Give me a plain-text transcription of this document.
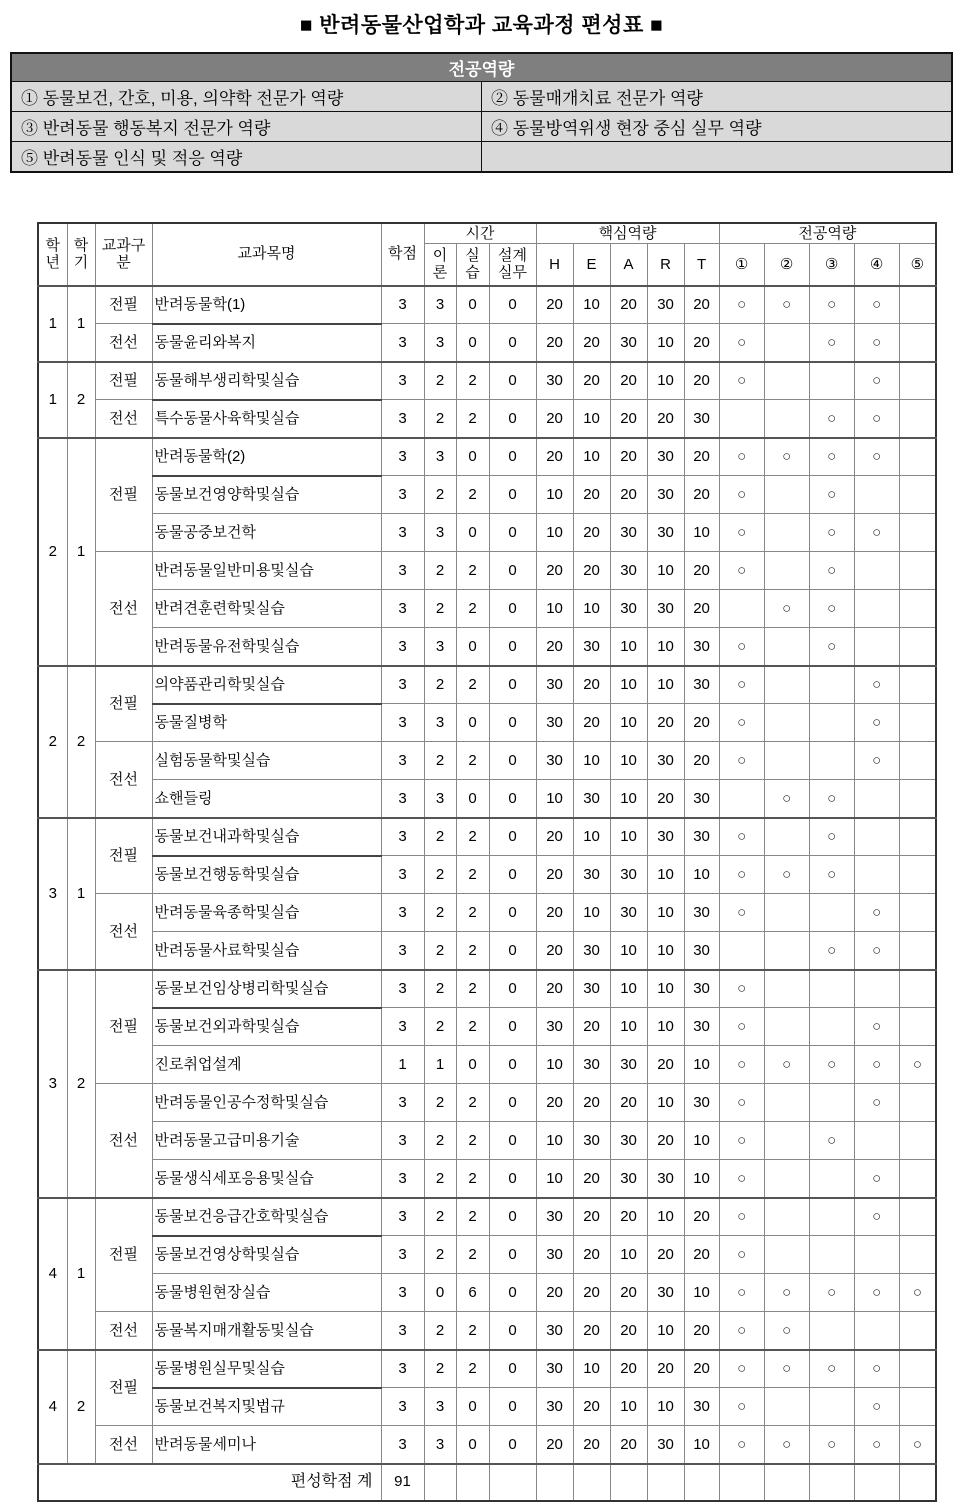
■ 반려동물산업학과 교육과정 편성표 ■
전공역량	
① 동물보건, 간호, 미용, 의약학 전문가 역량	② 동물매개치료 전문가 역량
③ 반려동물 행동복지 전문가 역량	④ 동물방역위생 현장 중심 실무 역량
⑤ 반려동물 인식 및 적응 역량	
학년	학기	교과구분	교과목명	학점	시간			핵심역량					전공역량				
					이론	실습	설계실무	H	E	A	R	T	①	②	③	④	⑤
1	1	전필	반려동물학(1)	3	3	0	0	20	10	20	30	20	○	○	○	○	
		전선	동물윤리와복지	3	3	0	0	20	20	30	10	20	○		○	○	
1	2	전필	동물해부생리학및실습	3	2	2	0	30	20	20	10	20	○			○	
		전선	특수동물사육학및실습	3	2	2	0	20	10	20	20	30			○	○	
2	1	전필	반려동물학(2)	3	3	0	0	20	10	20	30	20	○	○	○	○	
			동물보건영양학및실습	3	2	2	0	10	20	20	30	20	○		○		
			동물공중보건학	3	3	0	0	10	20	30	30	10	○		○	○	
		전선	반려동물일반미용및실습	3	2	2	0	20	20	30	10	20	○		○		
			반려견훈련학및실습	3	2	2	0	10	10	30	30	20		○	○		
			반려동물유전학및실습	3	3	0	0	20	30	10	10	30	○		○		
2	2	전필	의약품관리학및실습	3	2	2	0	30	20	10	10	30	○			○	
			동물질병학	3	3	0	0	30	20	10	20	20	○			○	
		전선	실험동물학및실습	3	2	2	0	30	10	10	30	20	○			○	
			쇼핸들링	3	3	0	0	10	30	10	20	30		○	○		
3	1	전필	동물보건내과학및실습	3	2	2	0	20	10	10	30	30	○		○		
			동물보건행동학및실습	3	2	2	0	20	30	30	10	10	○	○	○		
		전선	반려동물육종학및실습	3	2	2	0	20	10	30	10	30	○			○	
			반려동물사료학및실습	3	2	2	0	20	30	10	10	30			○	○	
3	2	전필	동물보건임상병리학및실습	3	2	2	0	20	30	10	10	30	○				
			동물보건외과학및실습	3	2	2	0	30	20	10	10	30	○			○	
			진로취업설계	1	1	0	0	10	30	30	20	10	○	○	○	○	○
		전선	반려동물인공수정학및실습	3	2	2	0	20	20	20	10	30	○			○	
			반려동물고급미용기술	3	2	2	0	10	30	30	20	10	○		○		
			동물생식세포응용및실습	3	2	2	0	10	20	30	30	10	○			○	
4	1	전필	동물보건응급간호학및실습	3	2	2	0	30	20	20	10	20	○			○	
			동물보건영상학및실습	3	2	2	0	30	20	10	20	20	○				
			동물병원현장실습	3	0	6	0	20	20	20	30	10	○	○	○	○	○
		전선	동물복지매개활동및실습	3	2	2	0	30	20	20	10	20	○	○			
4	2	전필	동물병원실무및실습	3	2	2	0	30	10	20	20	20	○	○	○	○	
			동물보건복지및법규	3	3	0	0	30	20	10	10	30	○			○	
		전선	반려동물세미나	3	3	0	0	20	20	20	30	10	○	○	○	○	○
편성학점 계				91													
